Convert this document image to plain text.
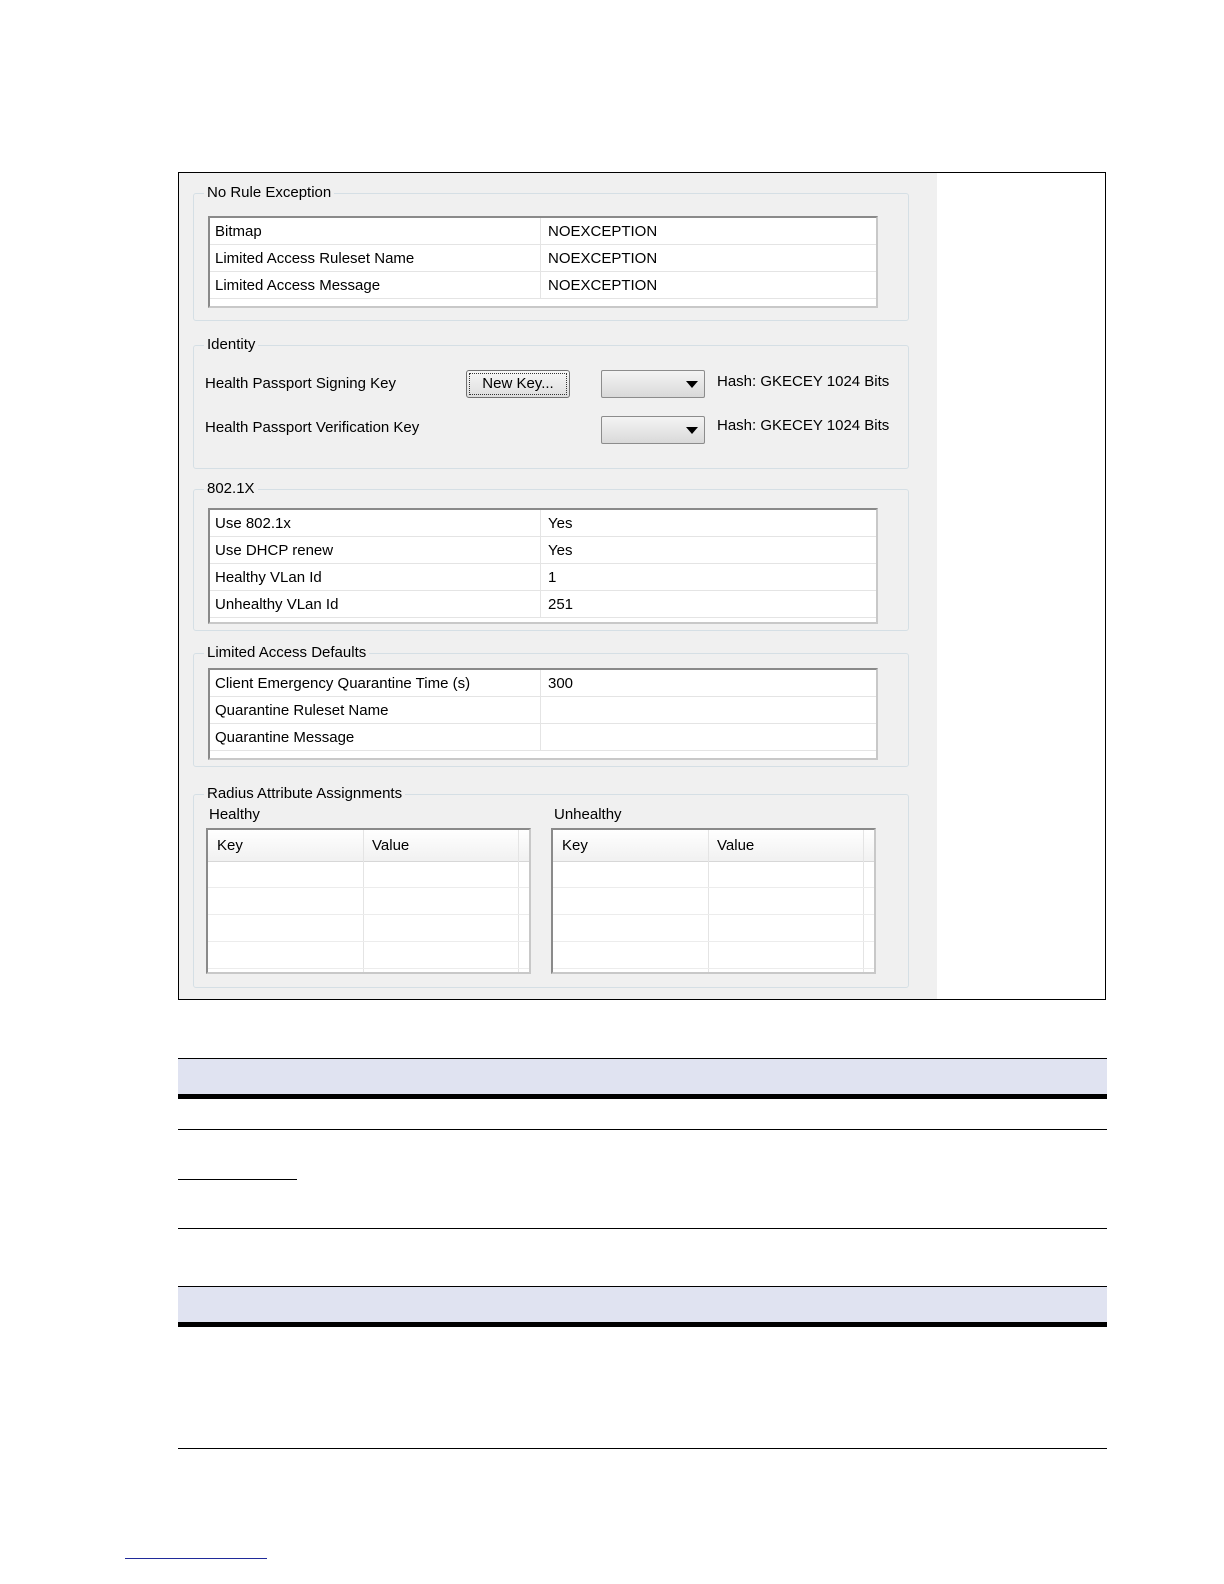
No Rule Exception
Bitmap	NOEXCEPTION
Limited Access Ruleset Name	NOEXCEPTION
Limited Access Message	NOEXCEPTION
Identity
Health Passport Signing Key	New Key...	Hash: GKECEY 1024 Bits
Health Passport Verification Key	Hash: GKECEY 1024 Bits
802.1X
Use 802.1x	Yes
Use DHCP renew	Yes
Healthy VLan Id	1
Unhealthy VLan Id	251
Limited Access Defaults
Client Emergency Quarantine Time (s)	300
Quarantine Ruleset Name
Quarantine Message
Radius Attribute Assignments
Healthy	Unhealthy
Key	Value	Key	Value
